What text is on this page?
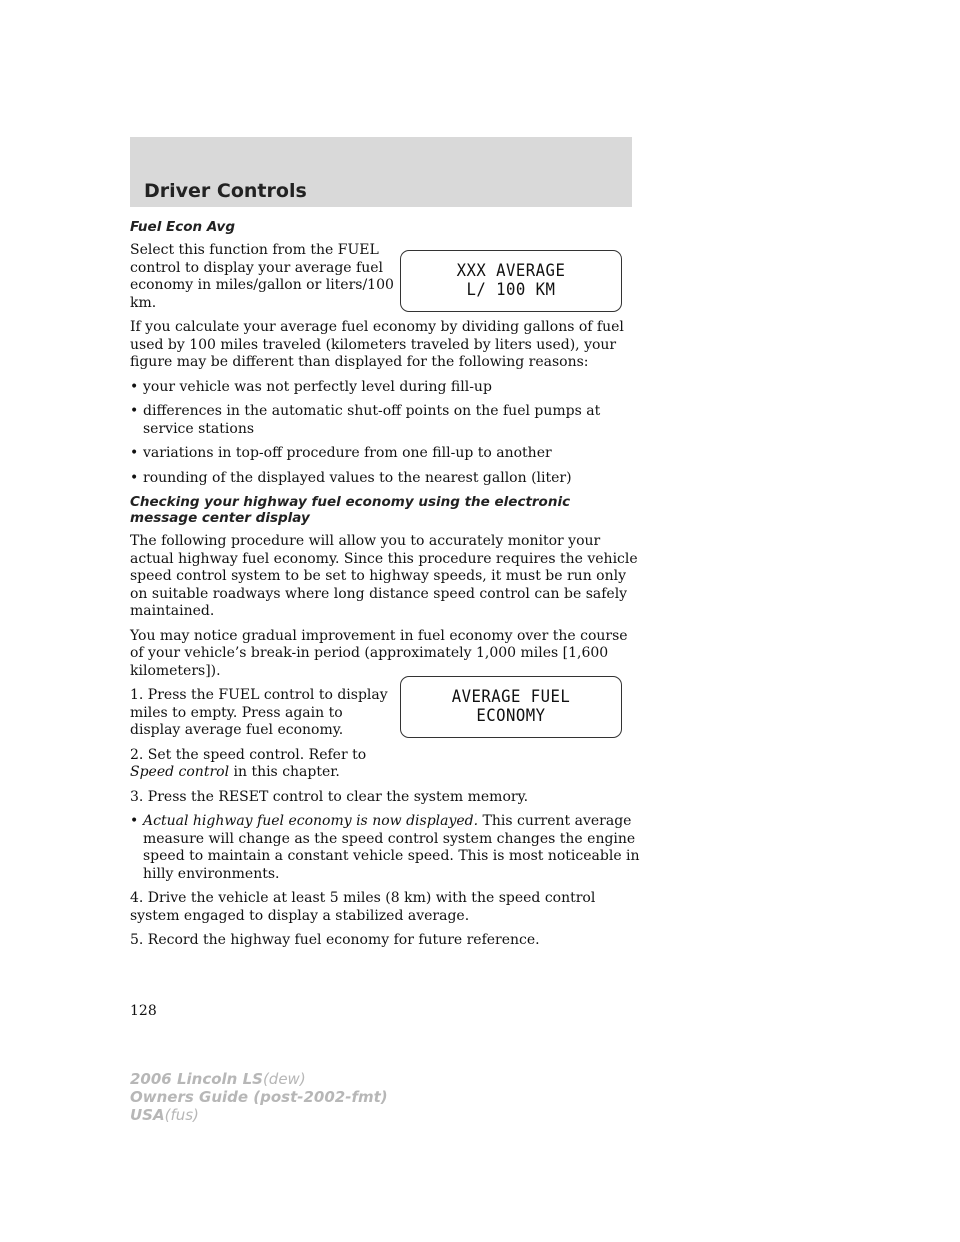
Driver Controls
XXX AVERAGE
L/ 100 KM
AVERAGE FUEL
ECONOMY
Fuel Econ Avg

Select this function from the FUEL control to display your average fuel economy in miles/gallon or liters/100 km.

If you calculate your average fuel economy by dividing gallons of fuel used by 100 miles traveled (kilometers traveled by liters used), your figure may be different than displayed for the following reasons:

• your vehicle was not perfectly level during fill-up

• differences in the automatic shut-off points on the fuel pumps at service stations

• variations in top-off procedure from one fill-up to another

• rounding of the displayed values to the nearest gallon (liter)

Checking your highway fuel economy using the electronic message center display

The following procedure will allow you to accurately monitor your actual highway fuel economy. Since this procedure requires the vehicle speed control system to be set to highway speeds, it must be run only on suitable roadways where long distance speed control can be safely maintained.

You may notice gradual improvement in fuel economy over the course of your vehicle’s break-in period (approximately 1,000 miles [1,600 kilometers]).

1. Press the FUEL control to display miles to empty. Press again to display average fuel economy.

2. Set the speed control. Refer to
Speed control in this chapter.

3. Press the RESET control to clear the system memory.

• Actual highway fuel economy is now displayed. This current average measure will change as the speed control system changes the engine speed to maintain a constant vehicle speed. This is most noticeable in hilly environments.

4. Drive the vehicle at least 5 miles (8 km) with the speed control system engaged to display a stabilized average.

5. Record the highway fuel economy for future reference.

128
2006 Lincoln LS(dew)
Owners Guide (post-2002-fmt)
USA(fus)
